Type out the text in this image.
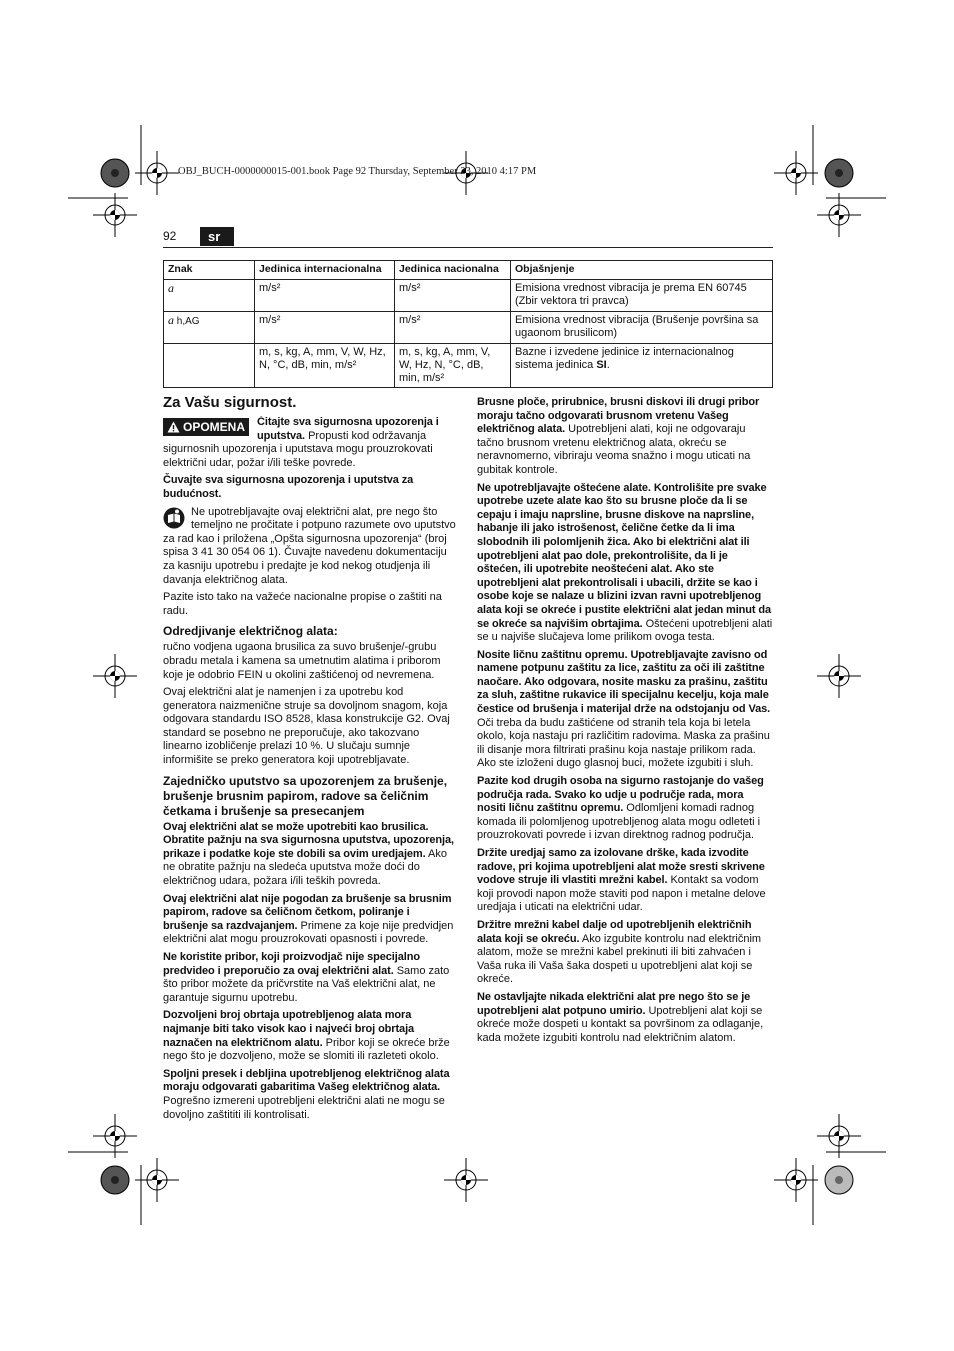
OBJ_BUCH-0000000015-001.book Page 92 Thursday, September 23, 2010 4:17 PM
92	sr
Znak	Jedinica internacionalna	Jedinica nacionalna	Objašnjenje
a	m/s²	m/s²	Emisiona vrednost vibracija je prema EN 60745 (Zbir vektora tri pravca)
a h,AG	m/s²	m/s²	Emisiona vrednost vibracija (Brušenje površina sa ugaonom brusilicom)
	m, s, kg, A, mm, V, W, Hz, N, °C, dB, min, m/s²	m, s, kg, A, mm, V, W, Hz, N, °C, dB, min, m/s²	Bazne i izvedene jedinice iz internacionalnog sistema jedinica SI.
Za Vašu sigurnost.
OPOMENA	Čitajte sva sigurnosna upozorenja i uputstva. Propusti kod održavanja sigurnosnih upozorenja i uputstava mogu prouzrokovati električni udar, požar i/ili teške povrede.

Čuvajte sva sigurnosna upozorenja i uputstva za budućnost.

Ne upotrebljavajte ovaj električni alat, pre nego što temeljno ne pročitate i potpuno razumete ovo uputstvo za rad kao i priložena „Opšta sigurnosna upozorenja“ (broj spisa 3 41 30 054 06 1). Čuvajte navedenu dokumentaciju za kasniju upotrebu i predajte je kod nekog otudjenja ili davanja električnog alata.

Pazite isto tako na važeće nacionalne propise o zaštiti na radu.

Odredjivanje električnog alata:

ručno vodjena ugaona brusilica za suvo brušenje/-grubu obradu metala i kamena sa umetnutim alatima i priborom koje je odobrio FEIN u okolini zaštićenoj od nevremena.

Ovaj električni alat je namenjen i za upotrebu kod generatora naizmenične struje sa dovoljnom snagom, koja odgovara standardu ISO 8528, klasa konstrukcije G2. Ovaj standard se posebno ne preporučuje, ako takozvano linearno izobličenje prelazi 10 %. U slučaju sumnje informišite se preko generatora koji upotrebljavate.

Zajedničko uputstvo sa upozorenjem za brušenje, brušenje brusnim papirom, radove sa čeličnim četkama i brušenje sa presecanjem

Ovaj električni alat se može upotrebiti kao brusilica. Obratite pažnju na sva sigurnosna uputstva, upozorenja, prikaze i podatke koje ste dobili sa ovim uredjajem. Ako ne obratite pažnju na sledeća uputstva može doći do električnog udara, požara i/ili teških povreda.

Ovaj električni alat nije pogodan za brušenje sa brusnim papirom, radove sa čeličnom četkom, poliranje i brušenje sa razdvajanjem. Primene za koje nije predvidjen električni alat mogu prouzrokovati opasnosti i povrede.

Ne koristite pribor, koji proizvodjač nije specijalno predvideo i preporučio za ovaj električni alat. Samo zato što pribor možete da pričvrstite na Vaš električni alat, ne garantuje sigurnu upotrebu.

Dozvoljeni broj obrtaja upotrebljenog alata mora najmanje biti tako visok kao i najveći broj obrtaja naznačen na električnom alatu. Pribor koji se okreće brže nego što je dozvoljeno, može se slomiti ili razleteti okolo.

Spoljni presek i debljina upotrebljenog električnog alata moraju odgovarati gabaritima Vašeg električnog alata. Pogrešno izmereni upotrebljeni električni alati ne mogu se dovoljno zaštititi ili kontrolisati.

Brusne ploče, prirubnice, brusni diskovi ili drugi pribor moraju tačno odgovarati brusnom vretenu Vašeg električnog alata. Upotrebljeni alati, koji ne odgovaraju tačno brusnom vretenu električnog alata, okreću se neravnomerno, vibriraju veoma snažno i mogu uticati na gubitak kontrole.

Ne upotrebljavajte oštećene alate. Kontrolišite pre svake upotrebe uzete alate kao što su brusne ploče da li se cepaju i imaju naprsline, brusne diskove na naprsline, habanje ili jako istrošenost, čelične četke da li ima slobodnih ili polomljenih žica. Ako bi električni alat ili upotrebljeni alat pao dole, prekontrolišite, da li je oštećen, ili upotrebite neoštećeni alat. Ako ste upotrebljeni alat prekontrolisali i ubacili, držite se kao i osobe koje se nalaze u blizini izvan ravni upotrebljenog alata koji se okreće i pustite električni alat jedan minut da se okreće sa najvišim obrtajima. Oštećeni upotrebljeni alati se u najviše slučajeva lome prilikom ovoga testa.

Nosite ličnu zaštitnu opremu. Upotrebljavajte zavisno od namene potpunu zaštitu za lice, zaštitu za oči ili zaštitne naočare. Ako odgovara, nosite masku za prašinu, zaštitu za sluh, zaštitne rukavice ili specijalnu kecelju, koja male čestice od brušenja i materijal drže na odstojanju od Vas. Oči treba da budu zaštićene od stranih tela koja bi letela okolo, koja nastaju pri različitim radovima. Maska za prašinu ili disanje mora filtrirati prašinu koja nastaje prilikom rada. Ako ste izloženi dugo glasnoj buci, možete izgubiti i sluh.

Pazite kod drugih osoba na sigurno rastojanje do vašeg područja rada. Svako ko udje u područje rada, mora nositi ličnu zaštitnu opremu. Odlomljeni komadi radnog komada ili polomljenog upotrebljenog alata mogu odleteti i prouzrokovati povrede i izvan direktnog radnog područja.

Držite uredjaj samo za izolovane drške, kada izvodite radove, pri kojima upotrebljeni alat može sresti skrivene vodove struje ili vlastiti mrežni kabel. Kontakt sa vodom koji provodi napon može staviti pod napon i metalne delove uredjaja i uticati na električni udar.

Držitre mrežni kabel dalje od upotrebljenih električnih alata koji se okreću. Ako izgubite kontrolu nad električnim alatom, može se mrežni kabel prekinuti ili biti zahvaćen i Vaša ruka ili Vaša šaka dospeti u upotrebljeni alat koji se okreće.

Ne ostavljajte nikada električni alat pre nego što se je upotrebljeni alat potpuno umirio. Upotrebljeni alat koji se okreće može dospeti u kontakt sa površinom za odlaganje, kada možete izgubiti kontrolu nad električnim alatom.
